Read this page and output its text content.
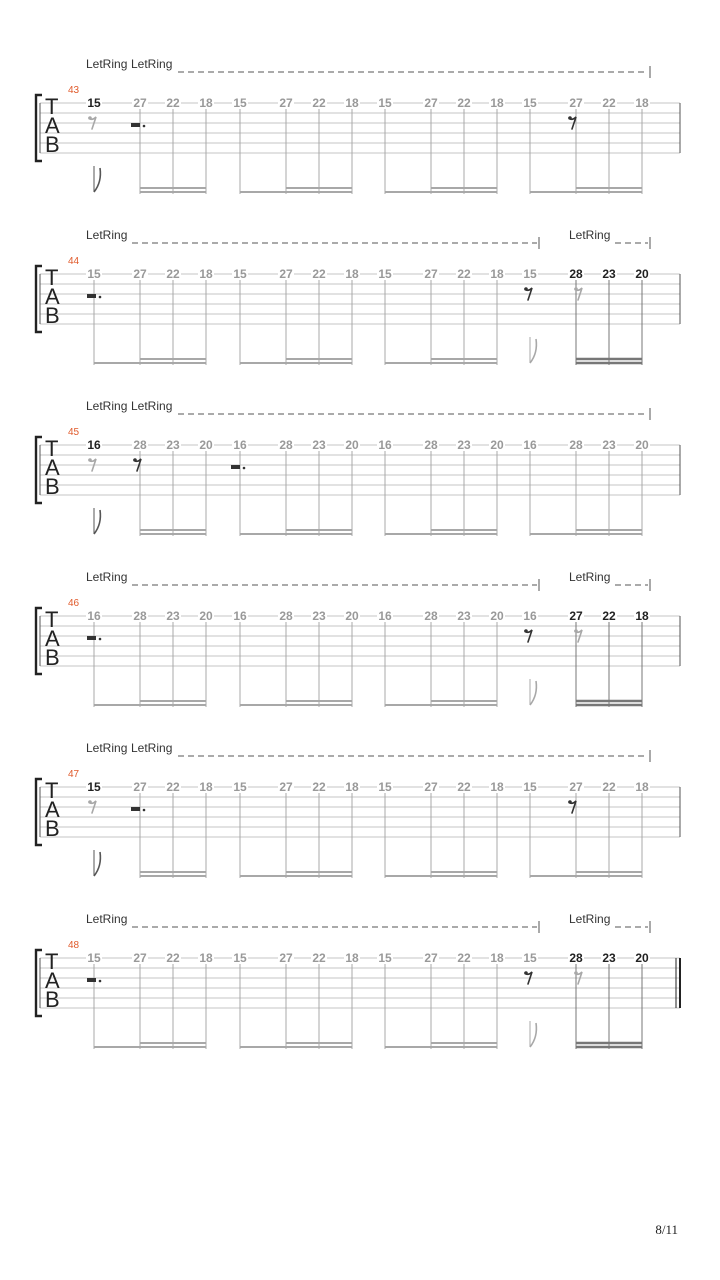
LetRing LetRing
43
T
A
B
15	27 22 18 15	27 22 18 15	27 22 18 15	27 22 18
LetRing	LetRing
44
T
A
B
15	27 22 18 15	27 22 18 15	27 22 18 15	28 23 20
LetRing LetRing
45
T
A
B
16	28 23 20 16	28 23 20 16	28 23 20 16	28 23 20
LetRing	LetRing
46
T
A
B
16	28 23 20 16	28 23 20 16	28 23 20 16	27 22 18
LetRing LetRing
47
T
A
B
15	27 22 18 15	27 22 18 15	27 22 18 15	27 22 18
LetRing	LetRing
48
T
A
B
15	27 22 18 15	27 22 18 15	27 22 18 15	28 23 20
8/11
